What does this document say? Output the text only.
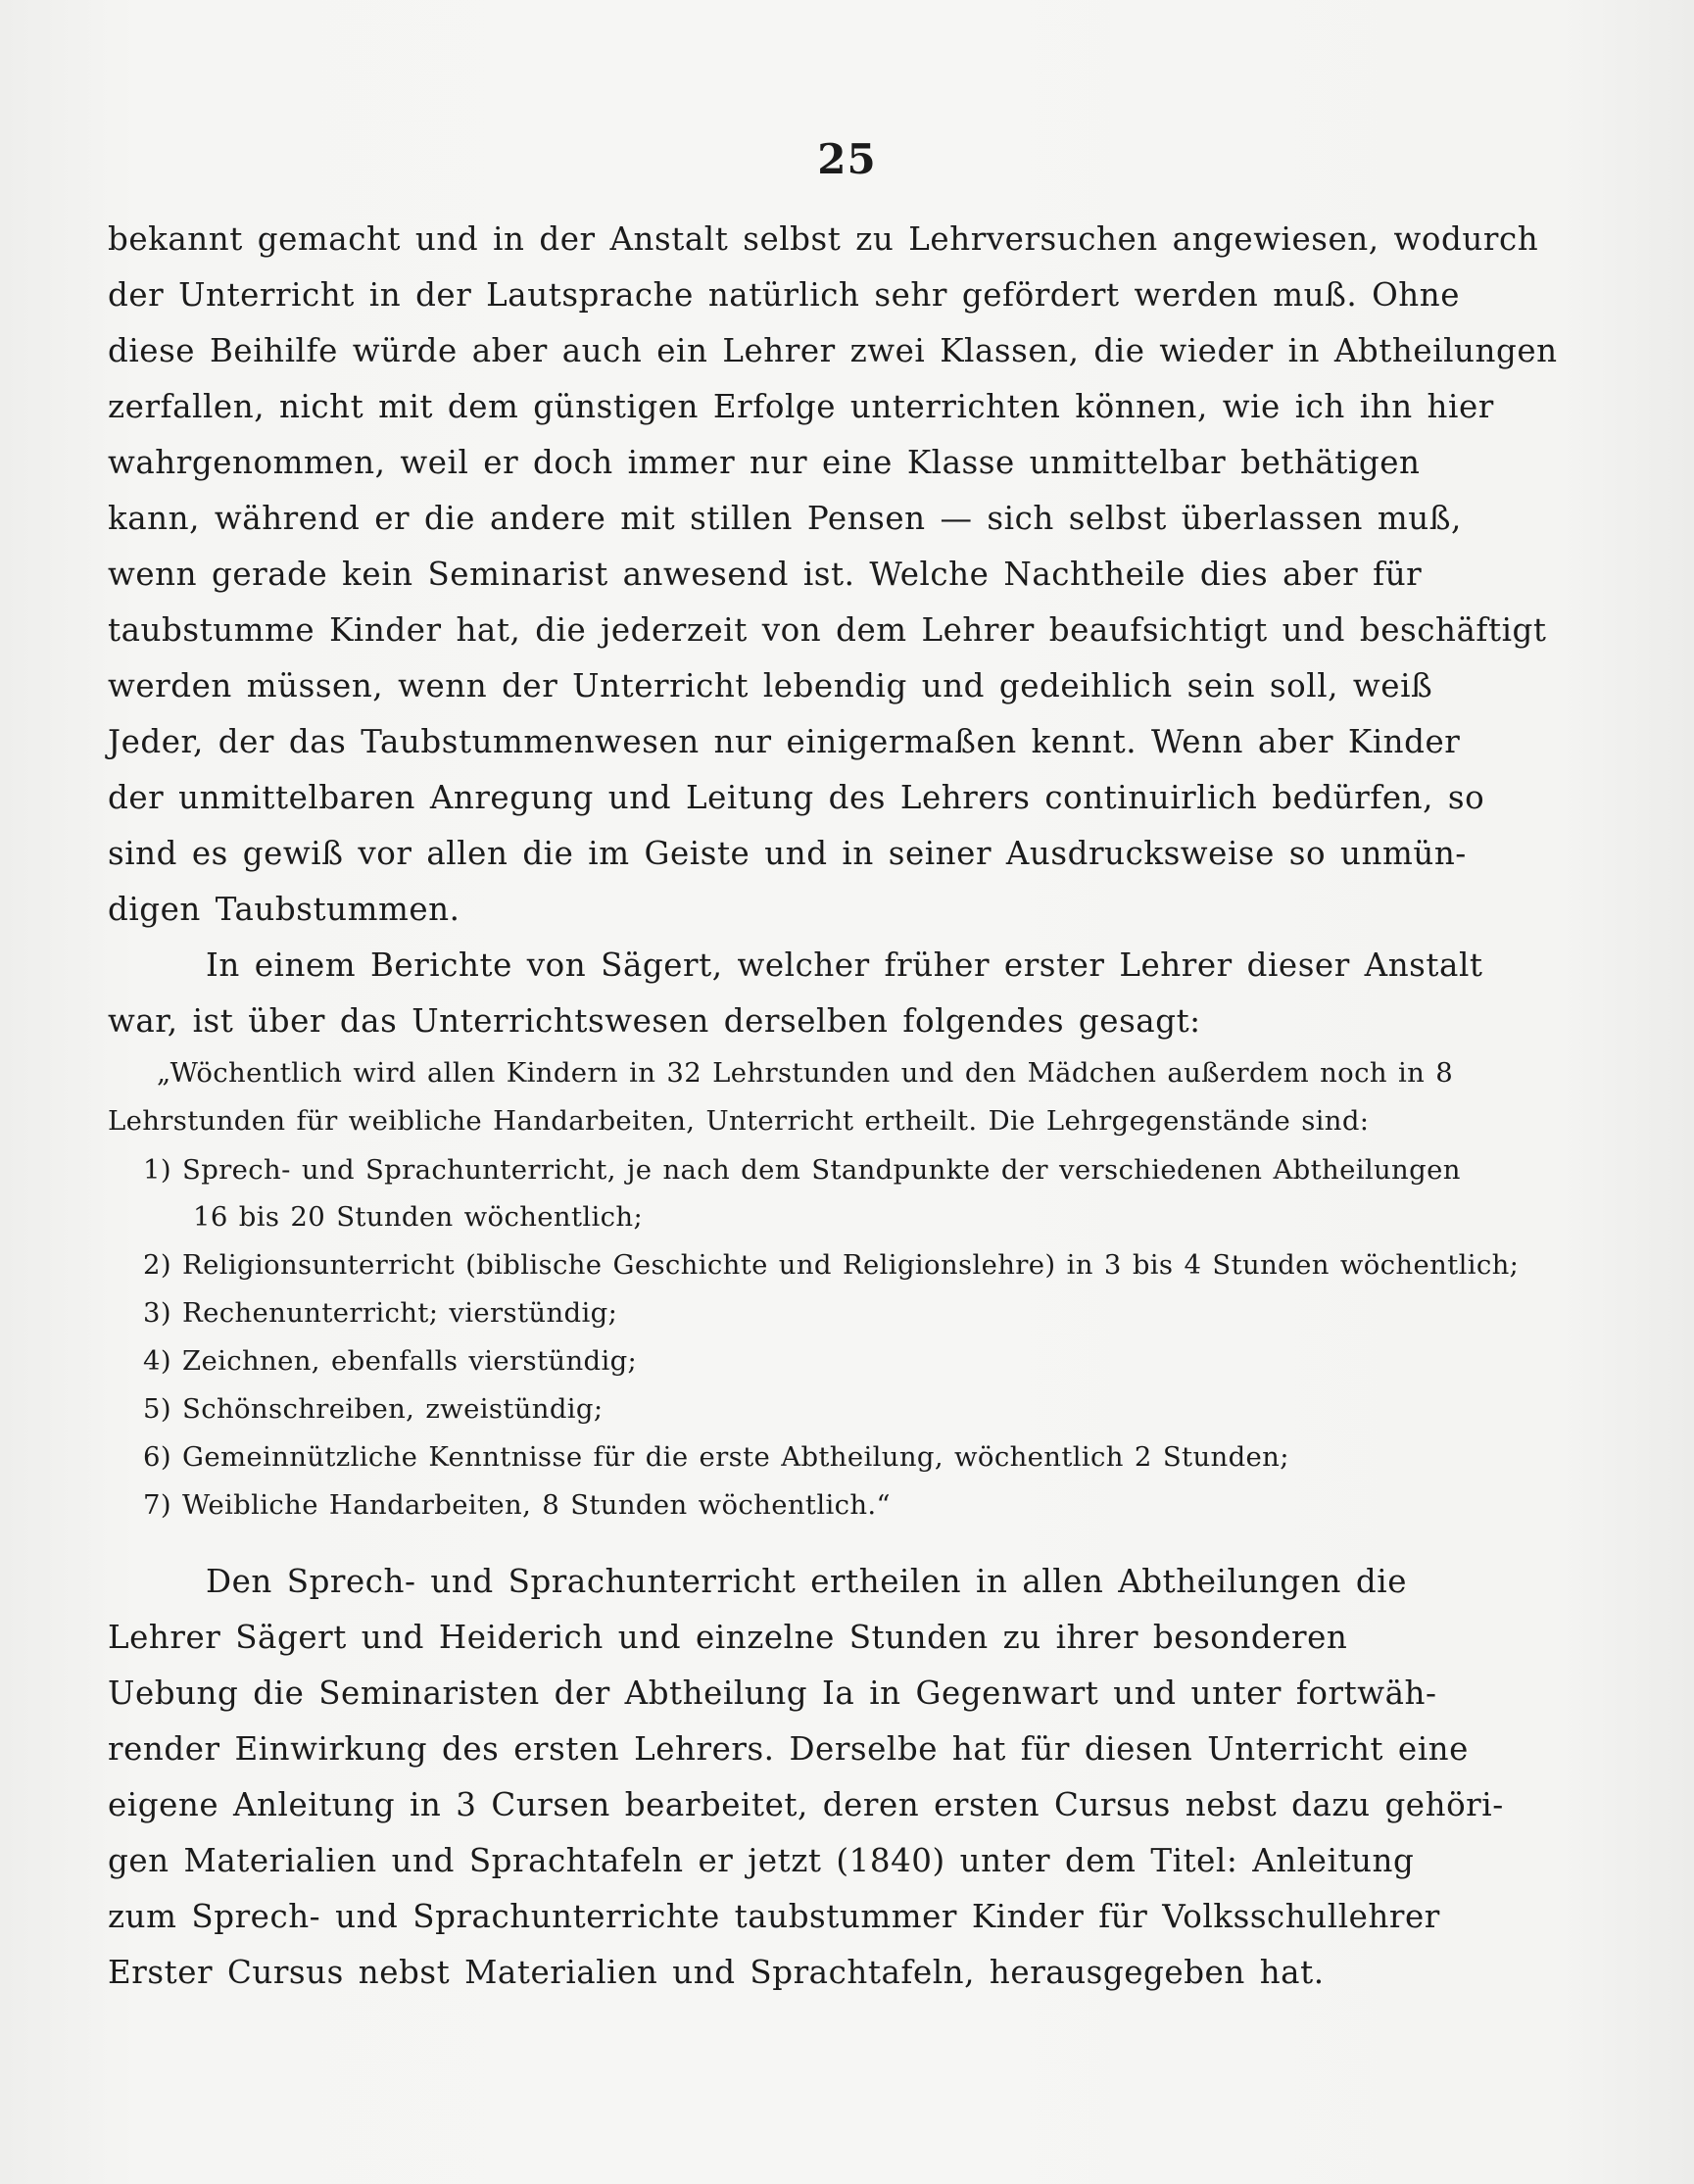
25
bekannt gemacht und in der Anstalt selbst zu Lehrversuchen angewiesen, wodurch
der Unterricht in der Lautsprache natürlich sehr gefördert werden muß. Ohne
diese Beihilfe würde aber auch ein Lehrer zwei Klassen, die wieder in Abtheilungen
zerfallen, nicht mit dem günstigen Erfolge unterrichten können, wie ich ihn hier
wahrgenommen, weil er doch immer nur eine Klasse unmittelbar bethätigen
kann, während er die andere mit stillen Pensen — sich selbst überlassen muß,
wenn gerade kein Seminarist anwesend ist. Welche Nachtheile dies aber für
taubstumme Kinder hat, die jederzeit von dem Lehrer beaufsichtigt und beschäftigt
werden müssen, wenn der Unterricht lebendig und gedeihlich sein soll, weiß
Jeder, der das Taubstummenwesen nur einigermaßen kennt. Wenn aber Kinder
der unmittelbaren Anregung und Leitung des Lehrers continuirlich bedürfen, so
sind es gewiß vor allen die im Geiste und in seiner Ausdrucksweise so unmün-
digen Taubstummen.
In einem Berichte von Sägert, welcher früher erster Lehrer dieser Anstalt
war, ist über das Unterrichtswesen derselben folgendes gesagt:
„Wöchentlich wird allen Kindern in 32 Lehrstunden und den Mädchen außerdem noch in 8
Lehrstunden für weibliche Handarbeiten, Unterricht ertheilt. Die Lehrgegenstände sind:
1) Sprech- und Sprachunterricht, je nach dem Standpunkte der verschiedenen Abtheilungen
16 bis 20 Stunden wöchentlich;
2) Religionsunterricht (biblische Geschichte und Religionslehre) in 3 bis 4 Stunden wöchentlich;
3) Rechenunterricht; vierstündig;
4) Zeichnen, ebenfalls vierstündig;
5) Schönschreiben, zweistündig;
6) Gemeinnützliche Kenntnisse für die erste Abtheilung, wöchentlich 2 Stunden;
7) Weibliche Handarbeiten, 8 Stunden wöchentlich.“
Den Sprech- und Sprachunterricht ertheilen in allen Abtheilungen die
Lehrer Sägert und Heiderich und einzelne Stunden zu ihrer besonderen
Uebung die Seminaristen der Abtheilung Ia in Gegenwart und unter fortwäh-
render Einwirkung des ersten Lehrers. Derselbe hat für diesen Unterricht eine
eigene Anleitung in 3 Cursen bearbeitet, deren ersten Cursus nebst dazu gehöri-
gen Materialien und Sprachtafeln er jetzt (1840) unter dem Titel: Anleitung
zum Sprech- und Sprachunterrichte taubstummer Kinder für Volksschullehrer
Erster Cursus nebst Materialien und Sprachtafeln, herausgegeben hat.
